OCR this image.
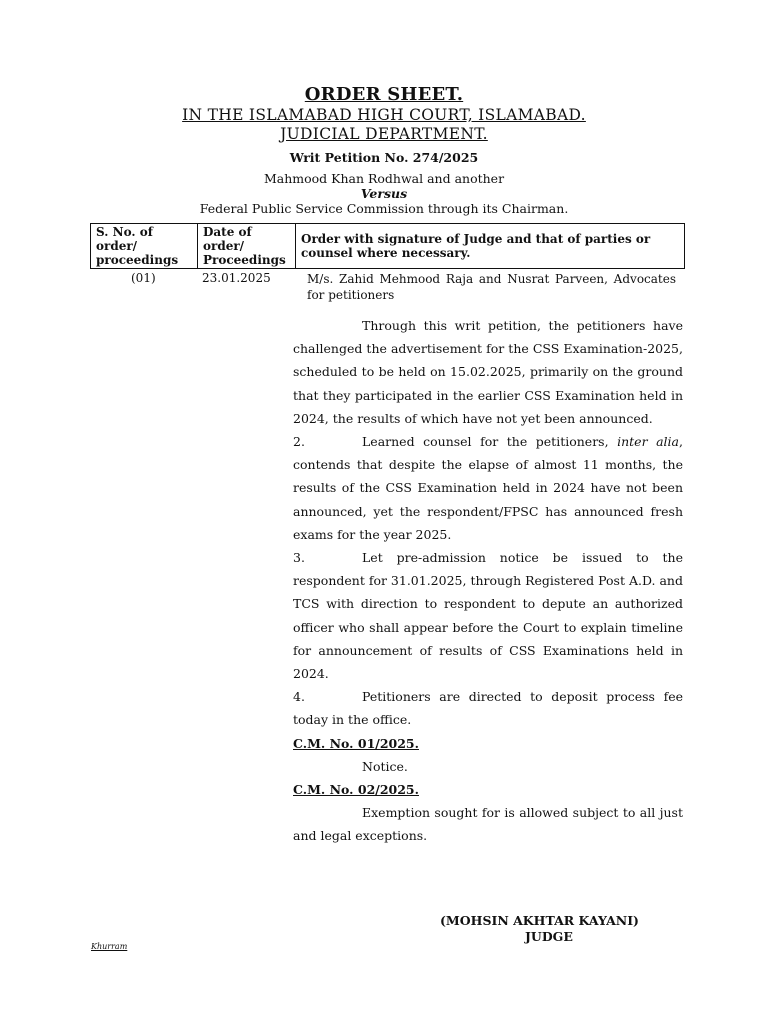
ORDER SHEET.
IN THE ISLAMABAD HIGH COURT, ISLAMABAD.
JUDICIAL DEPARTMENT.
Writ Petition No. 274/2025
Mahmood Khan Rodhwal and another
Versus
Federal Public Service Commission through its Chairman.
S. No. of order/ proceedings	Date of order/ Proceedings	Order with signature of Judge and that of parties or counsel where necessary.
(01)	23.01.2025	M/s. Zahid Mehmood Raja and Nusrat Parveen, Advocates for petitioners

Through this writ petition, the petitioners have challenged the advertisement for the CSS Examination-2025, scheduled to be held on 15.02.2025, primarily on the ground that they participated in the earlier CSS Examination held in 2024, the results of which have not yet been announced.

2.	Learned counsel for the petitioners, inter alia, contends that despite the elapse of almost 11 months, the results of the CSS Examination held in 2024 have not been announced, yet the respondent/FPSC has announced fresh exams for the year 2025.

3.	Let pre-admission notice be issued to the respondent for 31.01.2025, through Registered Post A.D. and TCS with direction to respondent to depute an authorized officer who shall appear before the Court to explain timeline for announcement of results of CSS Examinations held in 2024.

4.	Petitioners are directed to deposit process fee today in the office.

C.M. No. 01/2025.

Notice.

C.M. No. 02/2025.

Exemption sought for is allowed subject to all just and legal exceptions.

(MOHSIN AKHTAR KAYANI)
JUDGE
Khurram
